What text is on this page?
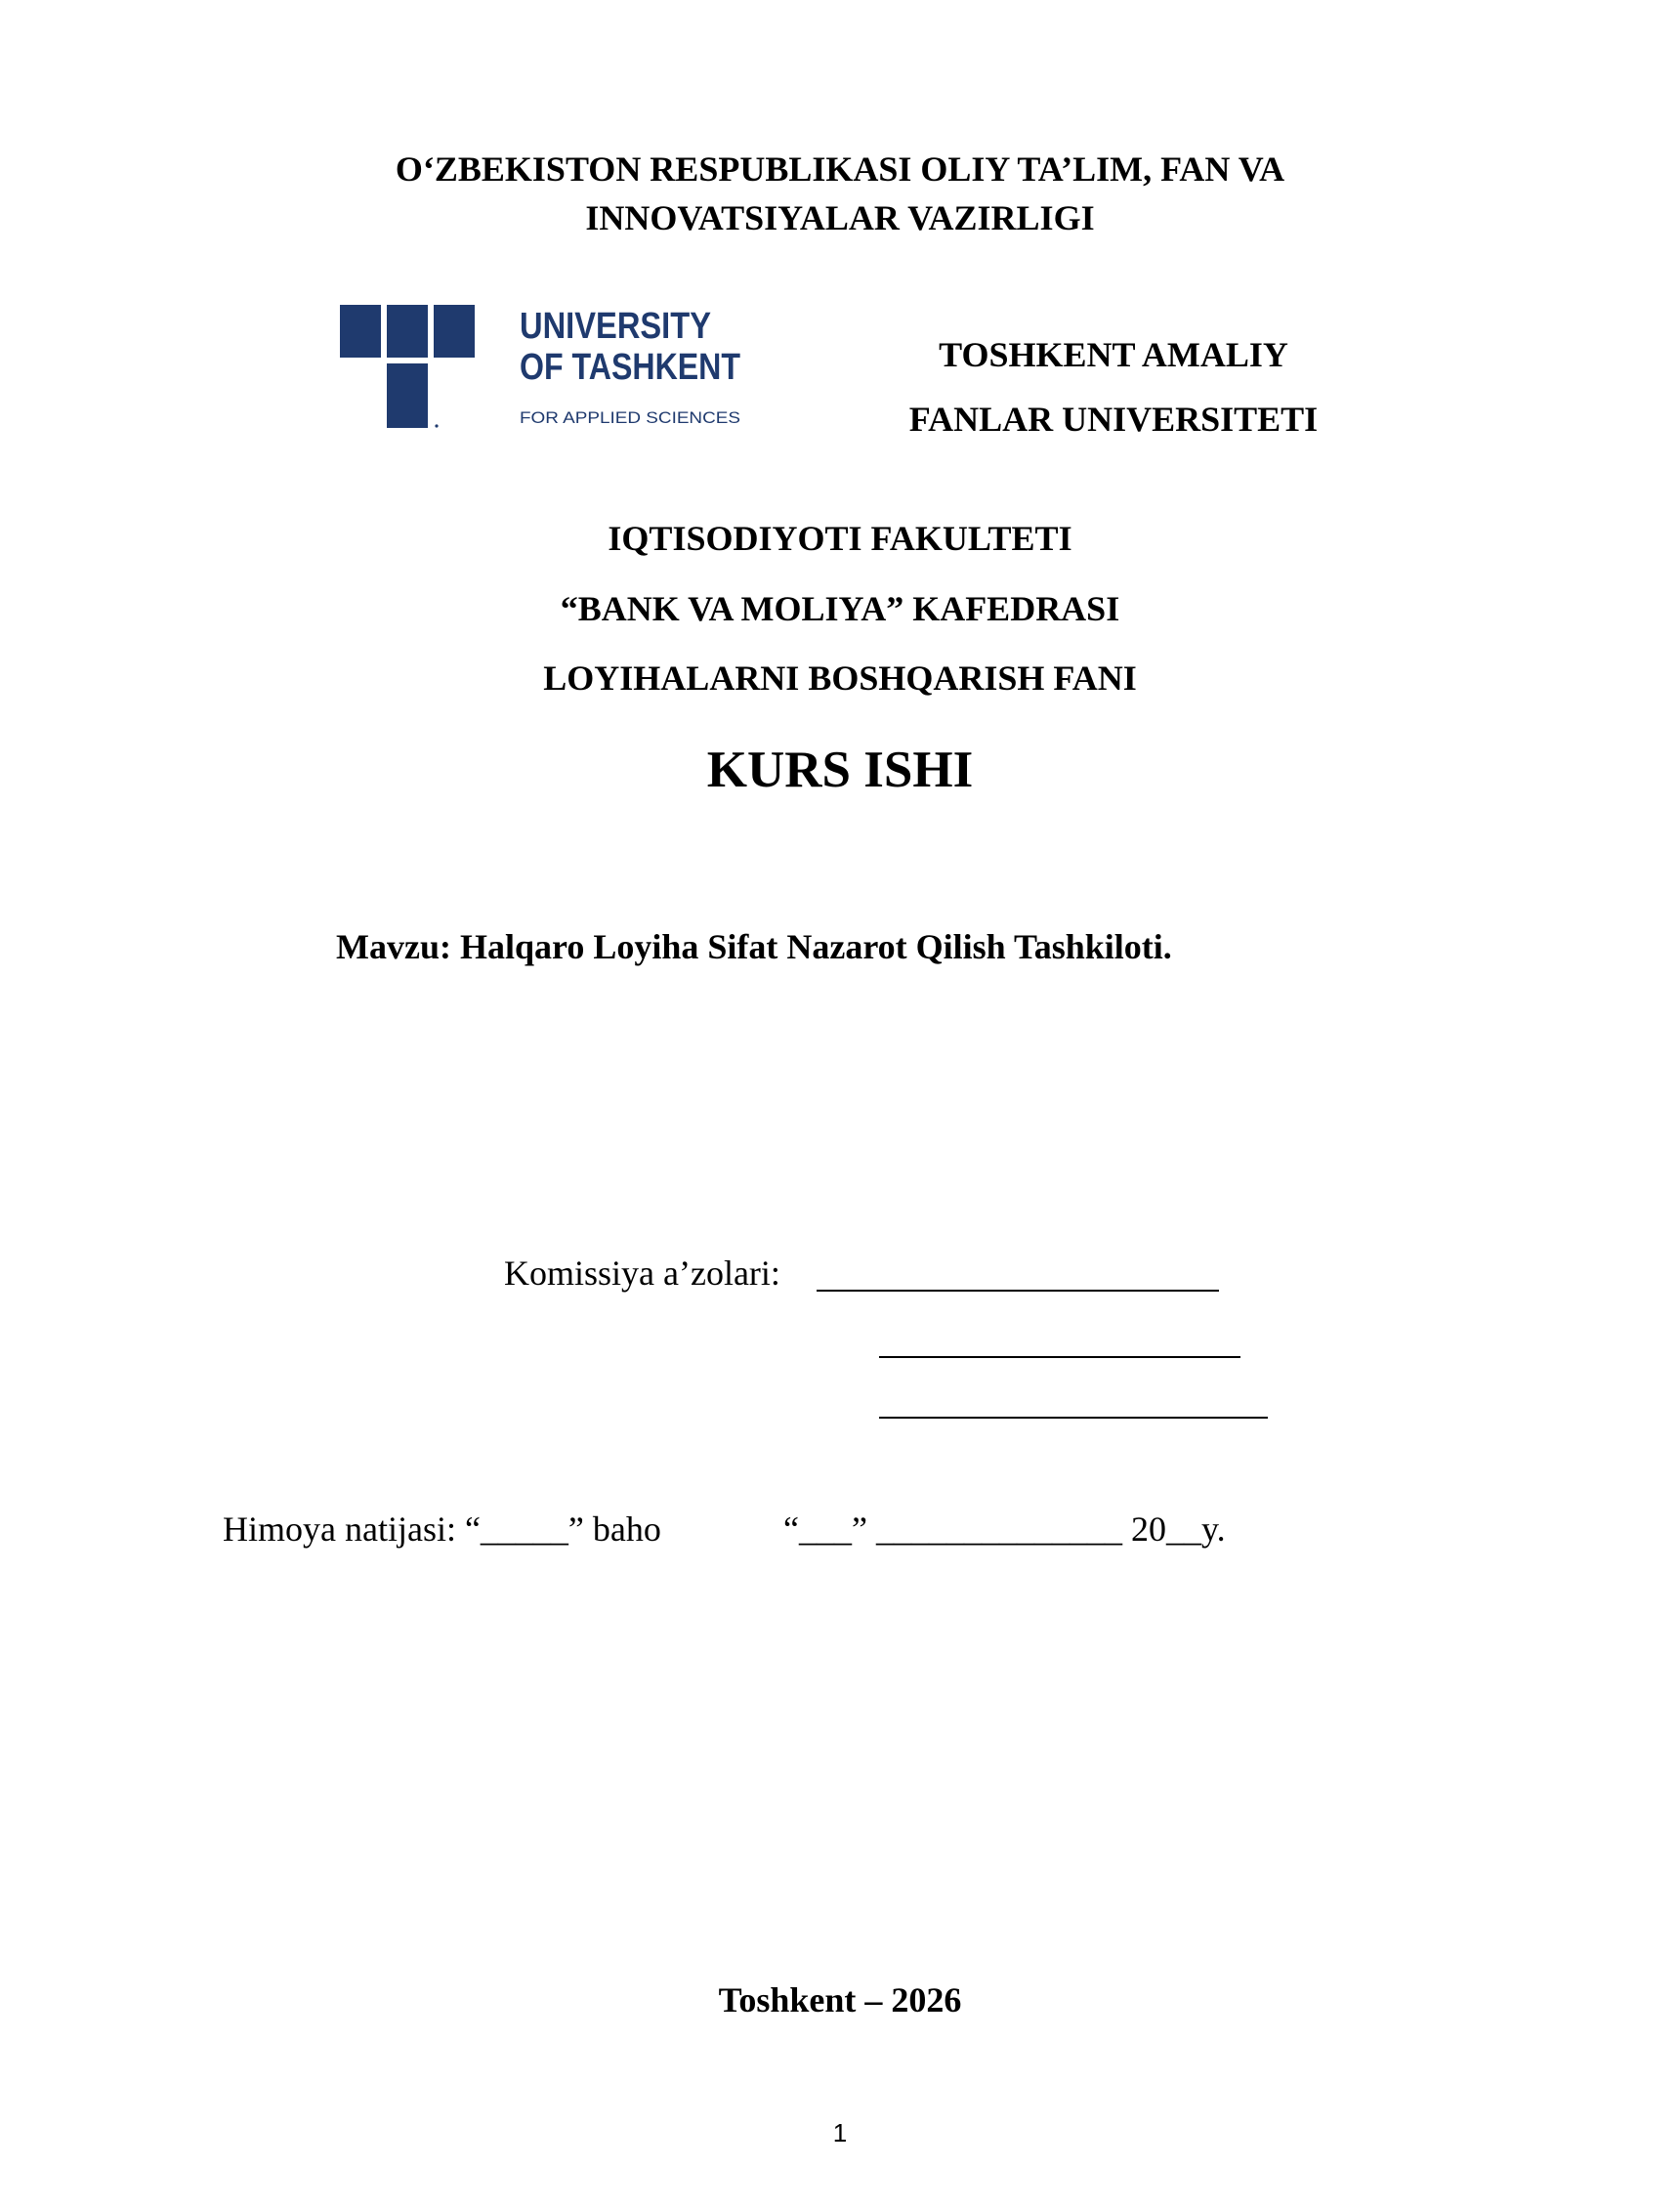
O‘ZBEKISTON RESPUBLIKASI OLIY TA’LIM, FAN VA
INNOVATSIYALAR VAZIRLIGI
UNIVERSITY
OF TASHKENT
FOR APPLIED SCIENCES
TOSHKENT AMALIY
FANLAR UNIVERSITETI
IQTISODIYOTI FAKULTETI
“BANK VA MOLIYA” KAFEDRASI
LOYIHALARNI BOSHQARISH FANI
KURS ISHI
Mavzu: Halqaro Loyiha Sifat Nazarot Qilish Tashkiloti.
Komissiya a’zolari:
Himoya natijasi: “_____” baho	“___” ______________ 20__y.
Toshkent – 2026
1
